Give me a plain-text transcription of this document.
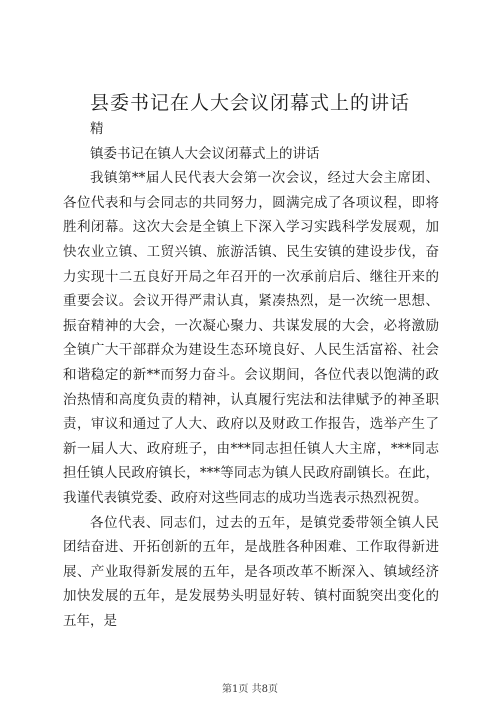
县委书记在人大会议闭幕式上的讲话

精

镇委书记在镇人大会议闭幕式上的讲话

我镇第**届人民代表大会第一次会议，经过大会主席团、各位代表和与会同志的共同努力，圆满完成了各项议程，即将胜利闭幕。这次大会是全镇上下深入学习实践科学发展观，加快农业立镇、工贸兴镇、旅游活镇、民生安镇的建设步伐，奋力实现十二五良好开局之年召开的一次承前启后、继往开来的重要会议。会议开得严肃认真，紧凑热烈，是一次统一思想、振奋精神的大会，一次凝心聚力、共谋发展的大会，必将激励全镇广大干部群众为建设生态环境良好、人民生活富裕、社会和谐稳定的新**而努力奋斗。会议期间，各位代表以饱满的政治热情和高度负责的精神，认真履行宪法和法律赋予的神圣职责，审议和通过了人大、政府以及财政工作报告，选举产生了新一届人大、政府班子，由***同志担任镇人大主席，***同志担任镇人民政府镇长，***等同志为镇人民政府副镇长。在此，我谨代表镇党委、政府对这些同志的成功当选表示热烈祝贺。

各位代表、同志们，过去的五年，是镇党委带领全镇人民团结奋进、开拓创新的五年，是战胜各种困难、工作取得新进展、产业取得新发展的五年，是各项改革不断深入、镇域经济加快发展的五年，是发展势头明显好转、镇村面貌突出变化的五年，是

第1页 共8页
